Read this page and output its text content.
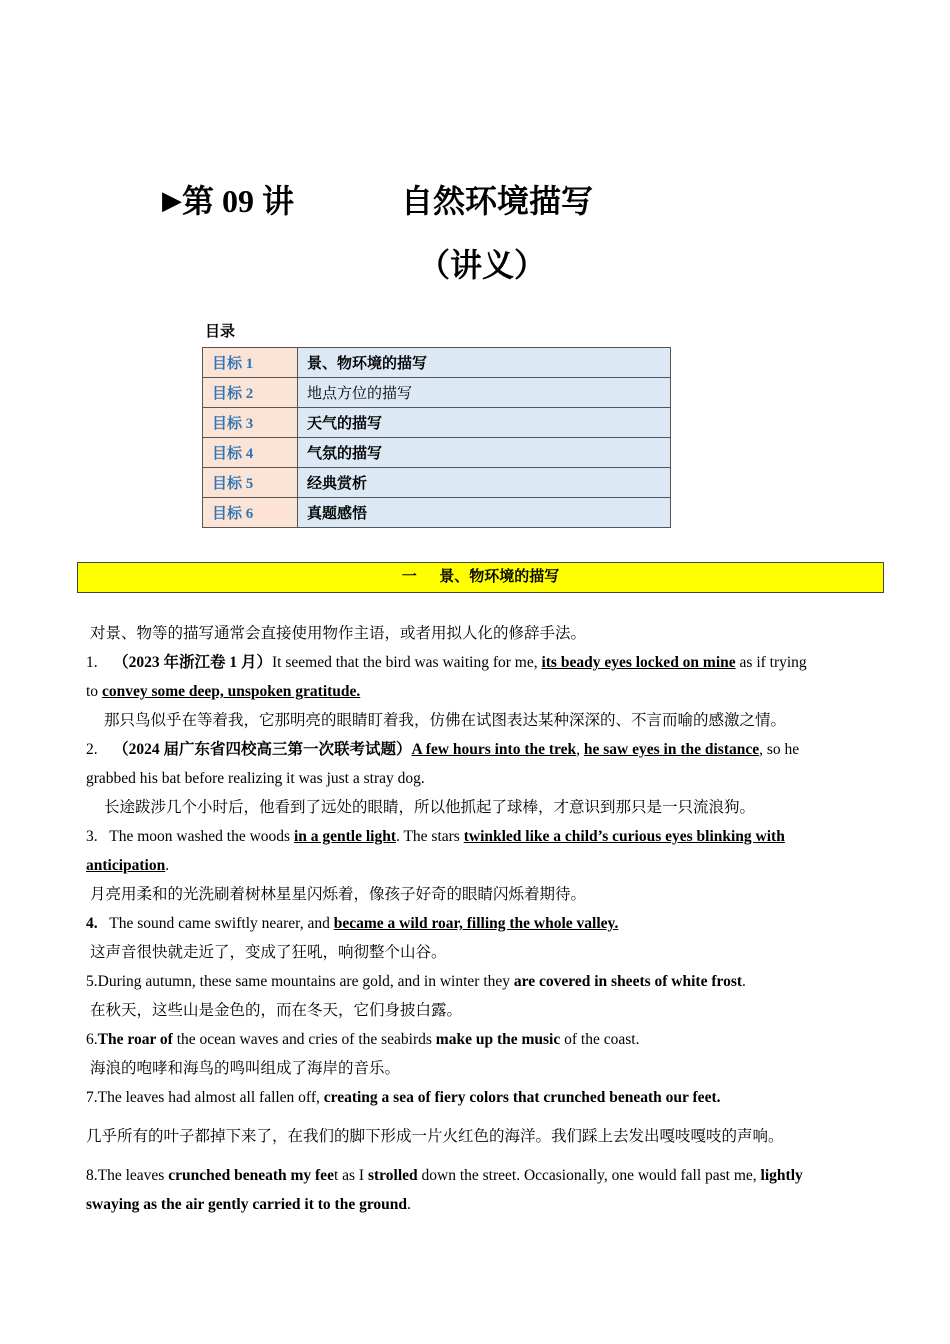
▶第 09 讲	自然环境描写
（讲义）
目录
目标 1	景、物环境的描写
目标 2	地点方位的描写
目标 3	天气的描写
目标 4	气氛的描写
目标 5	经典赏析
目标 6	真题感悟
一 景、物环境的描写
对景、物等的描写通常会直接使用物作主语，或者用拟人化的修辞手法。
1. （2023 年浙江卷 1 月）It seemed that the bird was waiting for me, its beady eyes locked on mine as if trying
to convey some deep, unspoken gratitude.
那只鸟似乎在等着我，它那明亮的眼睛盯着我，仿佛在试图表达某种深深的、不言而喻的感激之情。
2. （2024 届广东省四校高三第一次联考试题）A few hours into the trek, he saw eyes in the distance, so he
grabbed his bat before realizing it was just a stray dog.
长途跋涉几个小时后，他看到了远处的眼睛，所以他抓起了球棒，才意识到那只是一只流浪狗。
3. The moon washed the woods in a gentle light. The stars twinkled like a child’s curious eyes blinking with
anticipation.
月亮用柔和的光洗刷着树林星星闪烁着，像孩子好奇的眼睛闪烁着期待。
4. The sound came swiftly nearer, and became a wild roar, filling the whole valley.
这声音很快就走近了，变成了狂吼，响彻整个山谷。
5.During autumn, these same mountains are gold, and in winter they are covered in sheets of white frost.
在秋天，这些山是金色的，而在冬天，它们身披白露。
6.The roar of the ocean waves and cries of the seabirds make up the music of the coast.
海浪的咆哮和海鸟的鸣叫组成了海岸的音乐。
7.The leaves had almost all fallen off, creating a sea of fiery colors that crunched beneath our feet.
几乎所有的叶子都掉下来了，在我们的脚下形成一片火红色的海洋。我们踩上去发出嘎吱嘎吱的声响。
8.The leaves crunched beneath my feet as I strolled down the street. Occasionally, one would fall past me, lightly
swaying as the air gently carried it to the ground.
